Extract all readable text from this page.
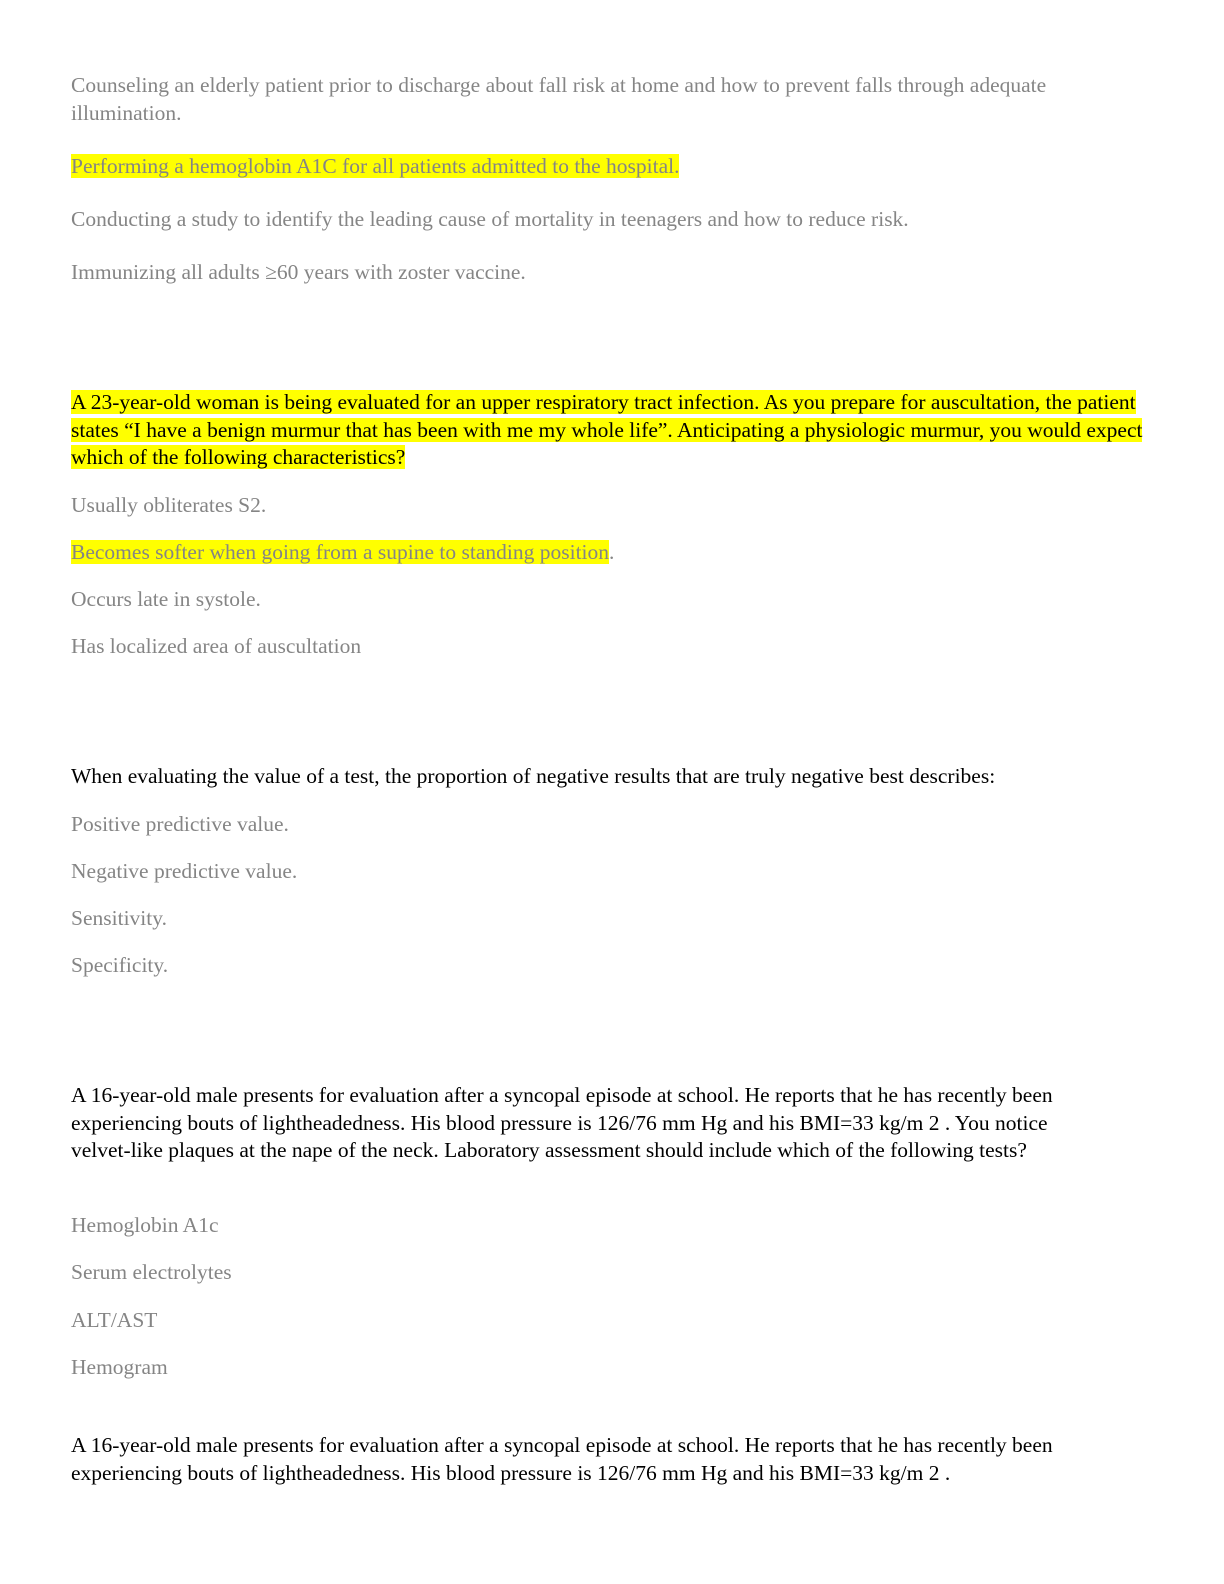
Counseling an elderly patient prior to discharge about fall risk at home and how to prevent falls through adequate illumination.

Performing a hemoglobin A1C for all patients admitted to the hospital.

Conducting a study to identify the leading cause of mortality in teenagers and how to reduce risk.

Immunizing all adults ≥60 years with zoster vaccine.

A 23-year-old woman is being evaluated for an upper respiratory tract infection. As you prepare for auscultation, the patient states “I have a benign murmur that has been with me my whole life”. Anticipating a physiologic murmur, you would expect which of the following characteristics?

Usually obliterates S2.

Becomes softer when going from a supine to standing position.

Occurs late in systole.

Has localized area of auscultation

When evaluating the value of a test, the proportion of negative results that are truly negative best describes:

Positive predictive value.

Negative predictive value.

Sensitivity.

Specificity.

A 16-year-old male presents for evaluation after a syncopal episode at school. He reports that he has recently been experiencing bouts of lightheadedness. His blood pressure is 126/76 mm Hg and his BMI=33 kg/m 2 . You notice velvet-like plaques at the nape of the neck. Laboratory assessment should include which of the following tests?

Hemoglobin A1c

Serum electrolytes

ALT/AST

Hemogram

A 16-year-old male presents for evaluation after a syncopal episode at school. He reports that he has recently been experiencing bouts of lightheadedness. His blood pressure is 126/76 mm Hg and his BMI=33 kg/m 2 .
